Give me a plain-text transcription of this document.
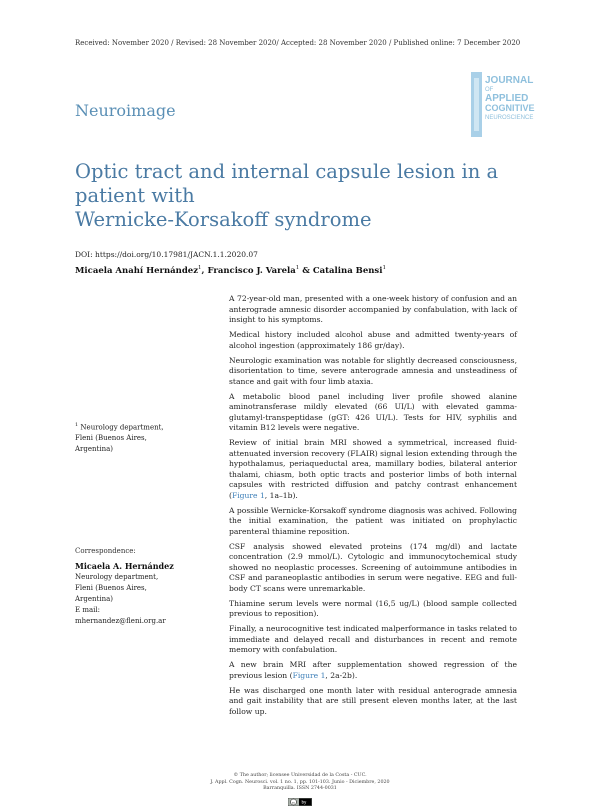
Received: November 2020 / Revised: 28 November 2020/ Accepted: 28 November 2020 / Published online: 7 December 2020
JOURNAL
OF
APPLIED
COGNITIVE
NEUROSCIENCE
Neuroimage
Optic tract and internal capsule lesion in a patient with
Wernicke-Korsakoff syndrome
DOI: https://doi.org/10.17981/JACN.1.1.2020.07
Micaela Anahí Hernández$^1$, Francisco J. Varela$^1$ & Catalina Bensi$^1$
$^1$ Neurology department,
Fleni (Buenos Aires,
Argentina)
Correspondence:
Micaela A. Hernández
Neurology department,
Fleni (Buenos Aires,
Argentina)
E mail:
mhernandez@fleni.org.ar

A 72-year-old man, presented with a one-week history of confusion and an anterograde amnesic disorder accompanied by confabulation, with lack of insight to his symptoms.

Medical history included alcohol abuse and admitted twenty-years of alcohol ingestion (approximately 186 gr/day).

Neurologic examination was notable for slightly decreased consciousness, disorientation to time, severe anterograde amnesia and unsteadiness of stance and gait with four limb ataxia.

A metabolic blood panel including liver profile showed alanine aminotransferase mildly elevated (66 UI/L) with elevated gamma-glutamyl-transpeptidase (gGT: 426 UI/L). Tests for HIV, syphilis and vitamin B12 levels were negative.

Review of initial brain MRI showed a symmetrical, increased fluid-attenuated inversion recovery (FLAIR) signal lesion extending through the hypothalamus, periaqueductal area, mamillary bodies, bilateral anterior thalami, chiasm, both optic tracts and posterior limbs of both internal capsules with restricted diffusion and patchy contrast enhancement (Figure 1, 1a–1b).

A possible Wernicke-Korsakoff syndrome diagnosis was achived. Following the initial examination, the patient was initiated on prophylactic parenteral thiamine reposition.

CSF analysis showed elevated proteins (174 mg/dl) and lactate concentration (2.9 mmol/L). Cytologic and immunocytochemical study showed no neoplastic processes. Screening of autoimmune antibodies in CSF and paraneoplastic antibodies in serum were negative. EEG and full-body CT scans were unremarkable.

Thiamine serum levels were normal (16,5 ug/L) (blood sample collected previous to reposition).

Finally, a neurocognitive test indicated malperformance in tasks related to immediate and delayed recall and disturbances in recent and remote memory with confabulation.

A new brain MRI after supplementation showed regression of the previous lesion (Figure 1, 2a-2b).

He was discharged one month later with residual anterograde amnesia and gait instability that are still present eleven months later, at the last follow up.

© The author; licensee Universidad de la Costa - CUC.
J. Appl. Cogn. Neurosci. vol. 1 no. 1, pp. 101-103. Junio - Diciembre, 2020
Barranquilla. ISSN 2744-0031
cc by
